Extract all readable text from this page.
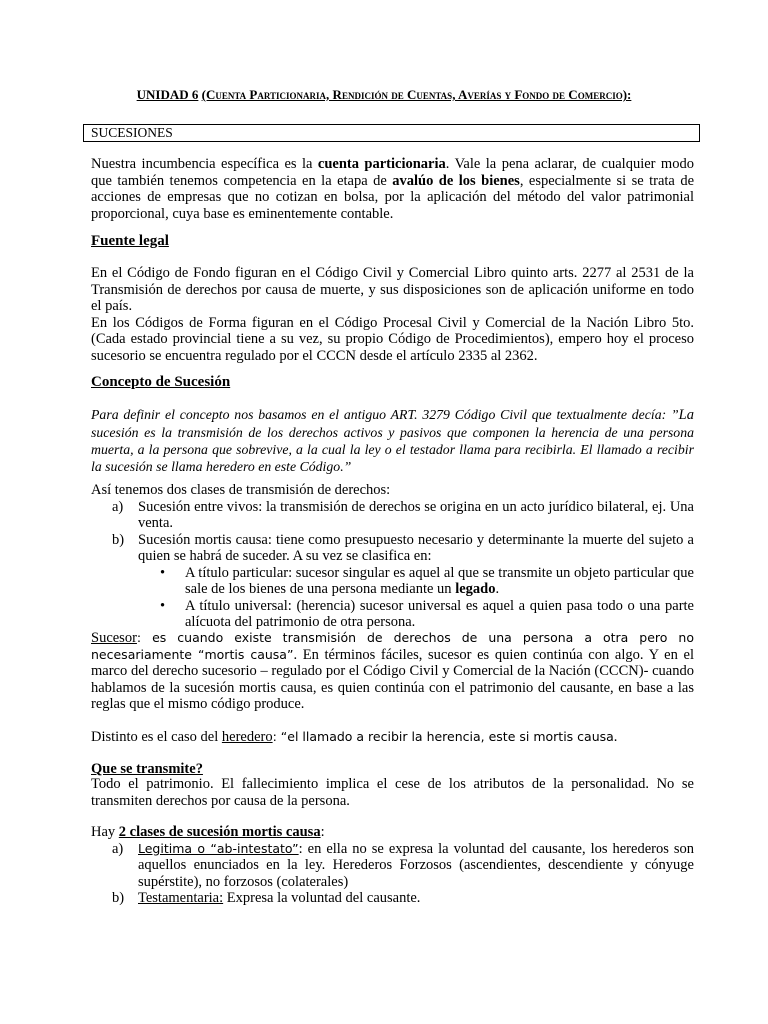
UNIDAD 6 (Cuenta Particionaria, Rendición de Cuentas, Averías y Fondo de Comercio):
SUCESIONES

Nuestra incumbencia específica es la cuenta particionaria. Vale la pena aclarar, de cualquier modo que también tenemos competencia en la etapa de avalúo de los bienes, especialmente si se trata de acciones de empresas que no cotizan en bolsa, por la aplicación del método del valor patrimonial proporcional, cuya base es eminentemente contable.

Fuente legal

En el Código de Fondo figuran en el Código Civil y Comercial Libro quinto arts. 2277 al 2531 de la Transmisión de derechos por causa de muerte, y sus disposiciones son de aplicación uniforme en todo el país.

En los Códigos de Forma figuran en el Código Procesal Civil y Comercial de la Nación Libro 5to. (Cada estado provincial tiene a su vez, su propio Código de Procedimientos), empero hoy el proceso sucesorio se encuentra regulado por el CCCN desde el artículo 2335 al 2362.

Concepto de Sucesión

Para definir el concepto nos basamos en el antiguo ART. 3279 Código Civil que textualmente decía: ”La sucesión es la transmisión de los derechos activos y pasivos que componen la herencia de una persona muerta, a la persona que sobrevive, a la cual la ley o el testador llama para recibirla. El llamado a recibir la sucesión se llama heredero en este Código.”

Así tenemos dos clases de transmisión de derechos:

a) Sucesión entre vivos: la transmisión de derechos se origina en un acto jurídico bilateral, ej. Una venta.
b) Sucesión mortis causa: tiene como presupuesto necesario y determinante la muerte del sujeto a quien se habrá de suceder. A su vez se clasifica en:
•	A título particular: sucesor singular es aquel al que se transmite un objeto particular que sale de los bienes de una persona mediante un legado.
•	A título universal: (herencia) sucesor universal es aquel a quien pasa todo o una parte alícuota del patrimonio de otra persona.

Sucesor: es cuando existe transmisión de derechos de una persona a otra pero no necesariamente “mortis causa”. En términos fáciles, sucesor es quien continúa con algo. Y en el marco del derecho sucesorio – regulado por el Código Civil y Comercial de la Nación (CCCN)- cuando hablamos de la sucesión mortis causa, es quien continúa con el patrimonio del causante, en base a las reglas que el mismo código produce.

Distinto es el caso del heredero: “el llamado a recibir la herencia, este si mortis causa.

Que se transmite?

Todo el patrimonio. El fallecimiento implica el cese de los atributos de la personalidad. No se transmiten derechos por causa de la persona.

Hay 2 clases de sucesión mortis causa:

a) Legitima o “ab-intestato”: en ella no se expresa la voluntad del causante, los herederos son aquellos enunciados en la ley. Herederos Forzosos (ascendientes, descendiente y cónyuge supérstite), no forzosos (colaterales)
b) Testamentaria: Expresa la voluntad del causante.
